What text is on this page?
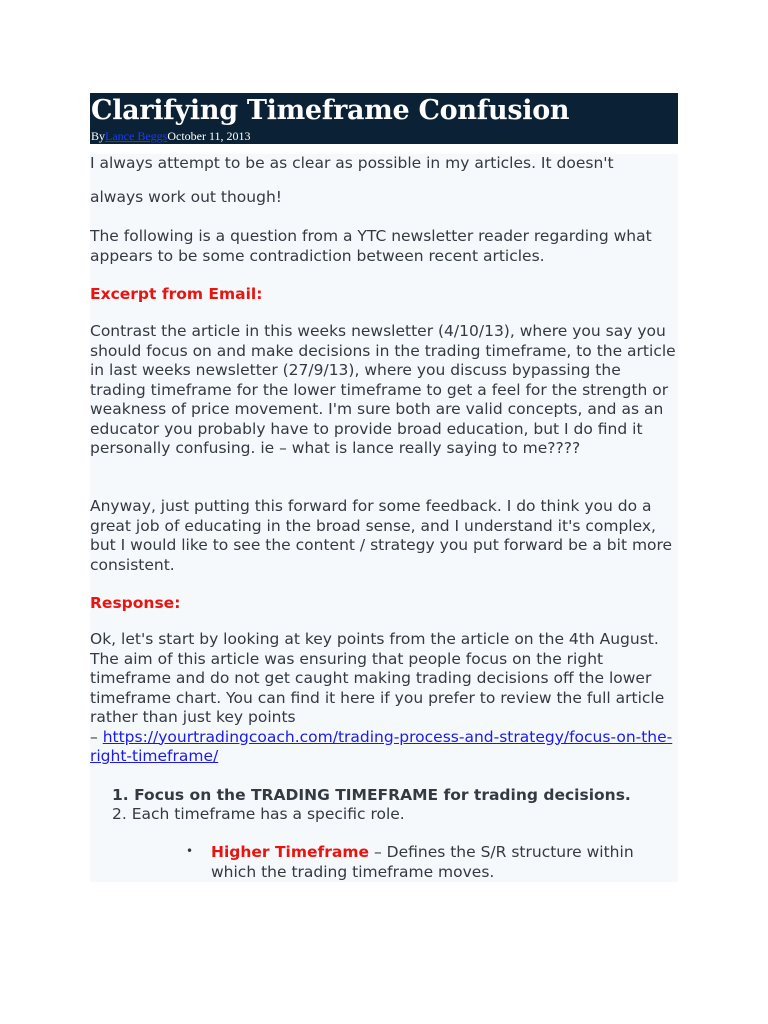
Clarifying Timeframe Confusion
ByLance BeggsOctober 11, 2013

I always attempt to be as clear as possible in my articles. It doesn't

always work out though!

The following is a question from a YTC newsletter reader regarding what appears to be some contradiction between recent articles.

Excerpt from Email:

Contrast the article in this weeks newsletter (4/10/13), where you say you should focus on and make decisions in the trading timeframe, to the article in last weeks newsletter (27/9/13), where you discuss bypassing the trading timeframe for the lower timeframe to get a feel for the strength or weakness of price movement. I'm sure both are valid concepts, and as an educator you probably have to provide broad education, but I do find it personally confusing. ie – what is lance really saying to me????

Anyway, just putting this forward for some feedback. I do think you do a great job of educating in the broad sense, and I understand it's complex, but I would like to see the content / strategy you put forward be a bit more consistent.

Response:

Ok, let's start by looking at key points from the article on the 4th August. The aim of this article was ensuring that people focus on the right timeframe and do not get caught making trading decisions off the lower timeframe chart. You can find it here if you prefer to review the full article rather than just key points
– https://yourtradingcoach.com/trading-process-and-strategy/focus-on-the-right-timeframe/

1. Focus on the TRADING TIMEFRAME for trading decisions.
2. Each timeframe has a specific role.
• Higher Timeframe – Defines the S/R structure within which the trading timeframe moves.
